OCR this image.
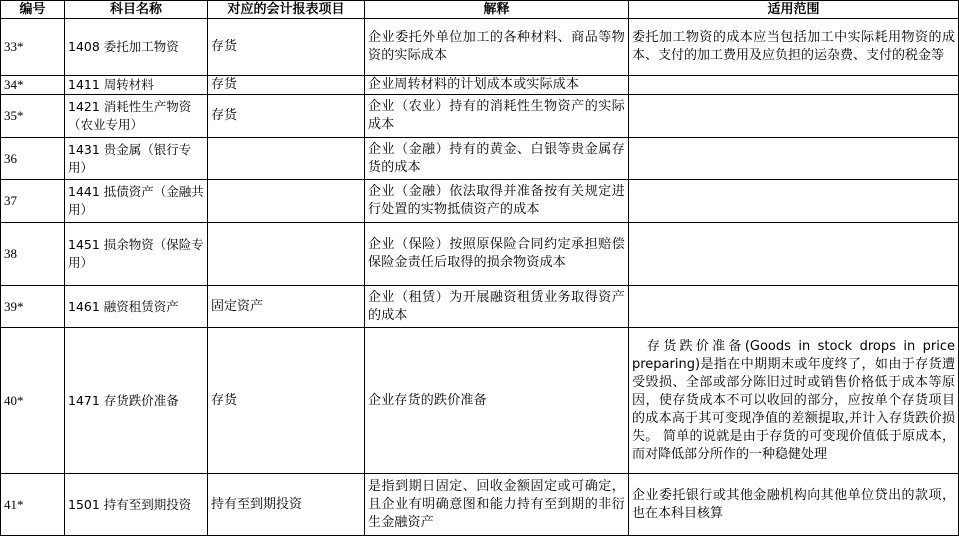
编号	科目名称	对应的会计报表项目	解释	适用范围
33*	1408 委托加工物资	存货	企业委托外单位加工的各种材料、商品等物资的实际成本	委托加工物资的成本应当包括加工中实际耗用物资的成本、支付的加工费用及应负担的运杂费、支付的税金等
34*	1411 周转材料	存货	企业周转材料的计划成本或实际成本	
35*	1421 消耗性生产物资（农业专用）	存货	企业（农业）持有的消耗性生物资产的实际成本	
36	1431 贵金属（银行专用）		企业（金融）持有的黄金、白银等贵金属存货的成本	
37	1441 抵债资产（金融共用）		企业（金融）依法取得并准备按有关规定进行处置的实物抵债资产的成本	
38	1451 损余物资（保险专用）		企业（保险）按照原保险合同约定承担赔偿保险金责任后取得的损余物资成本	
39*	1461 融资租赁资产	固定资产	企业（租赁）为开展融资租赁业务取得资产的成本	
40*	1471 存货跌价准备	存货	企业存货的跌价准备	存货跌价准备(Goods in stock drops in price preparing)是指在中期期末或年度终了，如由于存货遭受毁损、全部或部分陈旧过时或销售价格低于成本等原因，使存货成本不可以收回的部分，应按单个存货项目的成本高于其可变现净值的差额提取,并计入存货跌价损失。 简单的说就是由于存货的可变现价值低于原成本，而对降低部分所作的一种稳健处理
41*	1501 持有至到期投资	持有至到期投资	是指到期日固定、回收金额固定或可确定，且企业有明确意图和能力持有至到期的非衍生金融资产	企业委托银行或其他金融机构向其他单位贷出的款项，也在本科目核算
